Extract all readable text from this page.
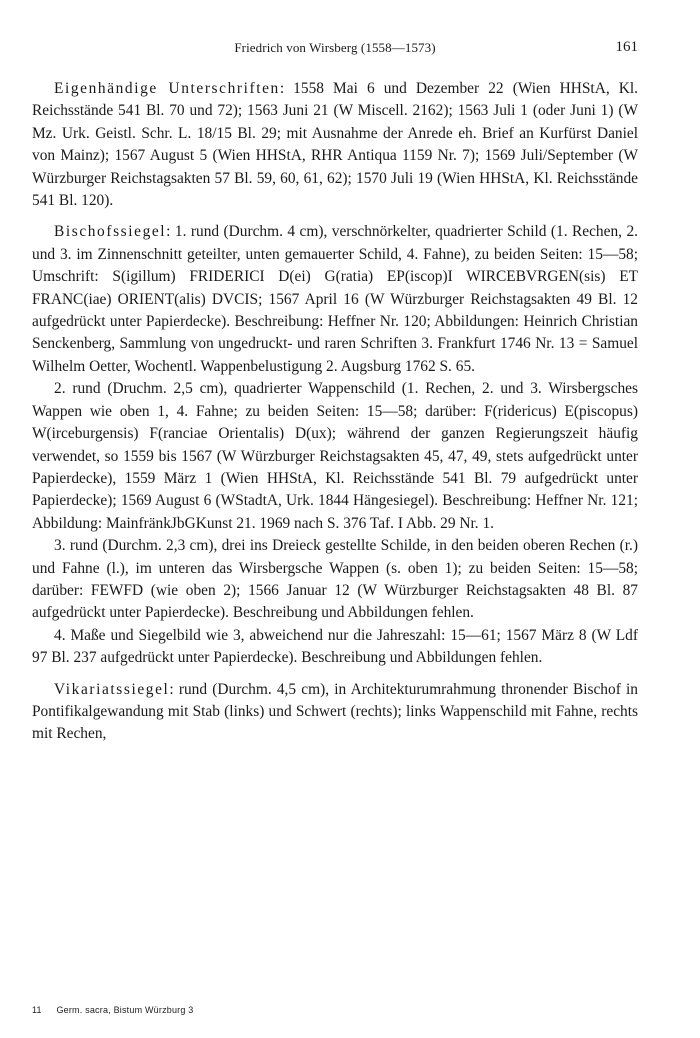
Friedrich von Wirsberg (1558—1573)	161

Eigenhändige Unterschriften: 1558 Mai 6 und Dezember 22 (Wien HHStA, Kl. Reichsstände 541 Bl. 70 und 72); 1563 Juni 21 (W Miscell. 2162); 1563 Juli 1 (oder Juni 1) (W Mz. Urk. Geistl. Schr. L. 18/15 Bl. 29; mit Ausnahme der Anrede eh. Brief an Kurfürst Daniel von Mainz); 1567 August 5 (Wien HHStA, RHR Antiqua 1159 Nr. 7); 1569 Juli/September (W Würzburger Reichstagsakten 57 Bl. 59, 60, 61, 62); 1570 Juli 19 (Wien HHStA, Kl. Reichsstände 541 Bl. 120).

Bischofssiegel: 1. rund (Durchm. 4 cm), verschnörkelter, quadrierter Schild (1. Rechen, 2. und 3. im Zinnenschnitt geteilter, unten gemauerter Schild, 4. Fahne), zu beiden Seiten: 15—58; Umschrift: S(igillum) FRIDERICI D(ei) G(ratia) EP(iscop)I WIRCEBVRGEN(sis) ET FRANC(iae) ORIENT(alis) DVCIS; 1567 April 16 (W Würzburger Reichstagsakten 49 Bl. 12 aufgedrückt unter Papierdecke). Beschreibung: Heffner Nr. 120; Abbildungen: Heinrich Christian Senckenberg, Sammlung von ungedruckt- und raren Schriften 3. Frankfurt 1746 Nr. 13 = Samuel Wilhelm Oetter, Wochentl. Wappenbelustigung 2. Augsburg 1762 S. 65.

2. rund (Druchm. 2,5 cm), quadrierter Wappenschild (1. Rechen, 2. und 3. Wirsbergsches Wappen wie oben 1, 4. Fahne; zu beiden Seiten: 15—58; darüber: F(ridericus) E(piscopus) W(irceburgensis) F(ranciae Orientalis) D(ux); während der ganzen Regierungszeit häufig verwendet, so 1559 bis 1567 (W Würzburger Reichstagsakten 45, 47, 49, stets aufgedrückt unter Papierdecke), 1559 März 1 (Wien HHStA, Kl. Reichsstände 541 Bl. 79 aufgedrückt unter Papierdecke); 1569 August 6 (WStadtA, Urk. 1844 Hängesiegel). Beschreibung: Heffner Nr. 121; Abbildung: MainfränkJbGKunst 21. 1969 nach S. 376 Taf. I Abb. 29 Nr. 1.

3. rund (Durchm. 2,3 cm), drei ins Dreieck gestellte Schilde, in den beiden oberen Rechen (r.) und Fahne (l.), im unteren das Wirsbergsche Wappen (s. oben 1); zu beiden Seiten: 15—58; darüber: FEWFD (wie oben 2); 1566 Januar 12 (W Würzburger Reichstagsakten 48 Bl. 87 aufgedrückt unter Papierdecke). Beschreibung und Abbildungen fehlen.

4. Maße und Siegelbild wie 3, abweichend nur die Jahreszahl: 15—61; 1567 März 8 (W Ldf 97 Bl. 237 aufgedrückt unter Papierdecke). Beschreibung und Abbildungen fehlen.

Vikariatssiegel: rund (Durchm. 4,5 cm), in Architekturumrahmung thronender Bischof in Pontifikalgewandung mit Stab (links) und Schwert (rechts); links Wappenschild mit Fahne, rechts mit Rechen,

11 Germ. sacra, Bistum Würzburg 3
